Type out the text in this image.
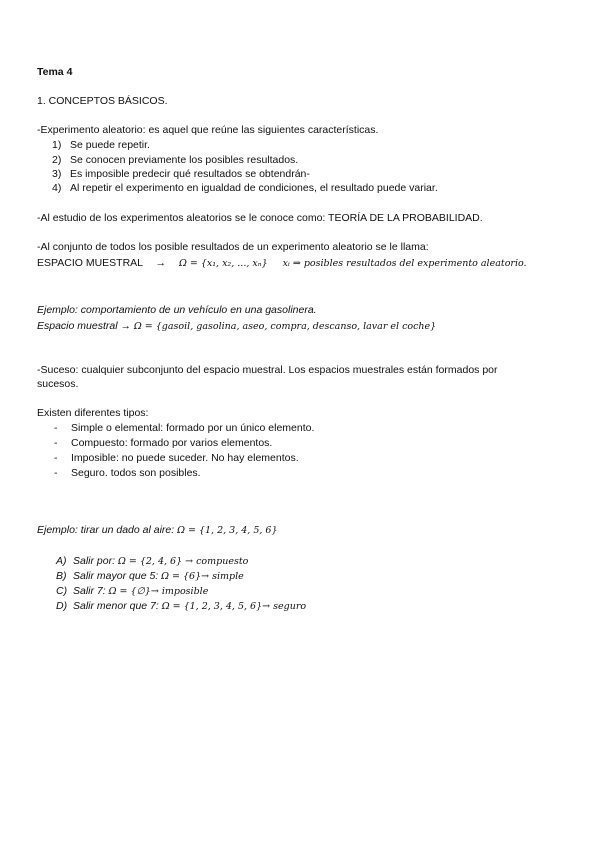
Tema 4
1. CONCEPTOS BÁSICOS.
-Experimento aleatorio: es aquel que reúne las siguientes características.
1) Se puede repetir.
2) Se conocen previamente los posibles resultados.
3) Es imposible predecir qué resultados se obtendrán-
4) Al repetir el experimento en igualdad de condiciones, el resultado puede variar.
-Al estudio de los experimentos aleatorios se le conoce como: TEORÍA DE LA PROBABILIDAD.
-Al conjunto de todos los posible resultados de un experimento aleatorio se le llama:
ESPACIO MUESTRAL → Ω = {x₁, x₂, ..., xₙ} xᵢ ⇒ posibles resultados del experimento aleatorio.
Ejemplo: comportamiento de un vehículo en una gasolinera.
Espacio muestral → Ω = {gasoil, gasolina, aseo, compra, descanso, lavar el coche}
-Suceso: cualquier subconjunto del espacio muestral. Los espacios muestrales están formados por
sucesos.
Existen diferentes tipos:
- Simple o elemental: formado por un único elemento.
- Compuesto: formado por varios elementos.
- Imposible: no puede suceder. No hay elementos.
- Seguro. todos son posibles.
Ejemplo: tirar un dado al aire: Ω = {1, 2, 3, 4, 5, 6}
A) Salir por: Ω = {2, 4, 6} → compuesto
B) Salir mayor que 5: Ω = {6}→ simple
C) Salir 7: Ω = {∅}→ imposible
D) Salir menor que 7: Ω = {1, 2, 3, 4, 5, 6}→ seguro
